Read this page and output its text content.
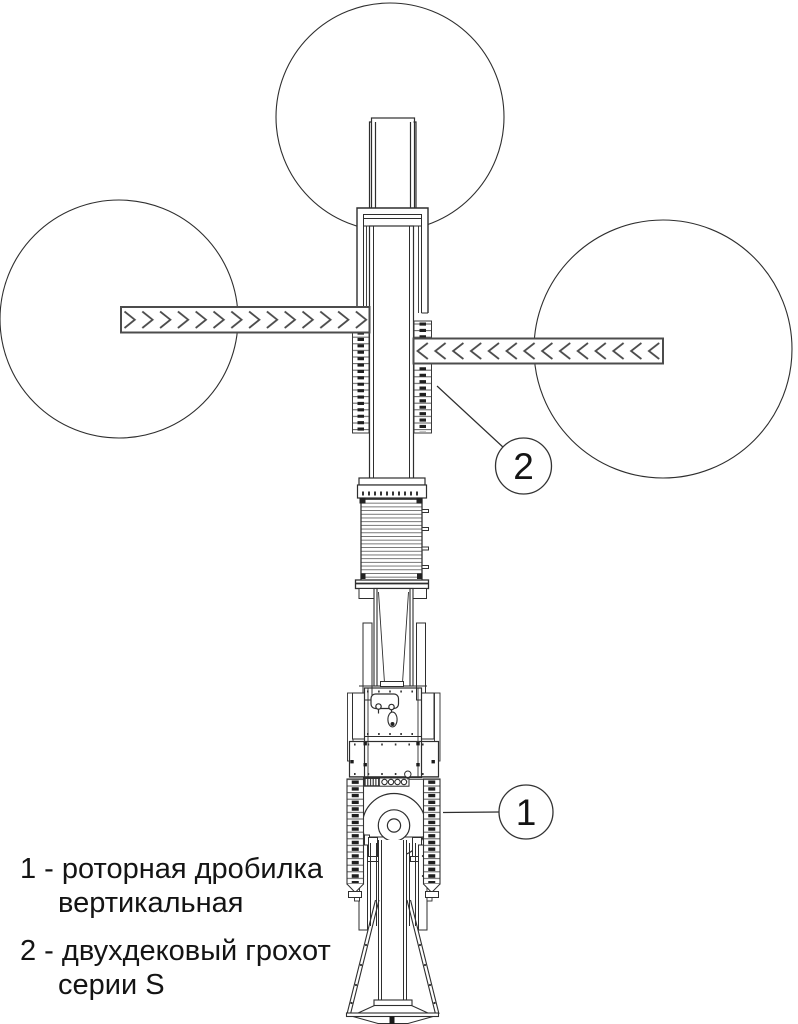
2
1
1 - роторная дробилка
вертикальная
2 - двухдековый грохот
серии S
